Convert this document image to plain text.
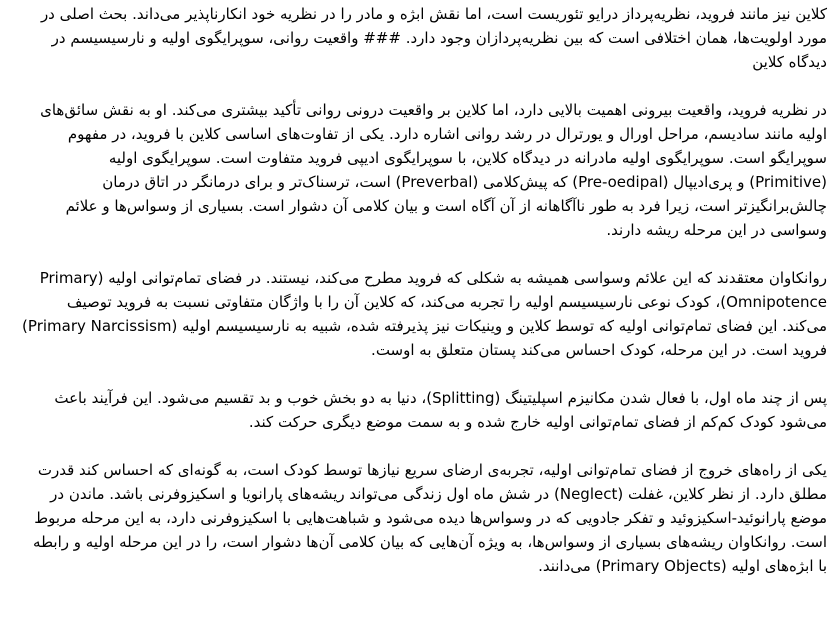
کلاین نیز مانند فروید، نظریه‌پرداز درایو تئوریست است، اما نقش ابژه و مادر را در نظریه خود انکارناپذیر می‌داند. بحث اصلی در
مورد اولویت‌ها، همان اختلافی است که بین نظریه‌پردازان وجود دارد. ### واقعیت روانی، سوپرایگوی اولیه و نارسیسیسم در
دیدگاه کلاین
در نظریه فروید، واقعیت بیرونی اهمیت بالایی دارد، اما کلاین بر واقعیت درونی روانی تأکید بیشتری می‌کند. او به نقش سائق‌های
اولیه مانند سادیسم، مراحل اورال و یورترال در رشد روانی اشاره دارد. یکی از تفاوت‌های اساسی کلاین با فروید، در مفهوم
سوپرایگو است. سوپرایگوی اولیه مادرانه در دیدگاه کلاین، با سوپرایگوی ادیپی فروید متفاوت است. سوپرایگوی اولیه
(Primitive) و پری‌ادیپال (Pre-oedipal) که پیش‌کلامی (Preverbal) است، ترسناک‌تر و برای درمانگر در اتاق درمان
چالش‌برانگیزتر است، زیرا فرد به طور ناآگاهانه از آن آگاه است و بیان کلامی آن دشوار است. بسیاری از وسواس‌ها و علائم
وسواسی در این مرحله ریشه دارند.
روانکاوان معتقدند که این علائم وسواسی همیشه به شکلی که فروید مطرح می‌کند، نیستند. در فضای تمام‌توانی اولیه (Primary
Omnipotence)، کودک نوعی نارسیسیسم اولیه را تجربه می‌کند، که کلاین آن را با واژگان متفاوتی نسبت به فروید توصیف
می‌کند. این فضای تمام‌توانی اولیه که توسط کلاین و وینیکات نیز پذیرفته شده، شبیه به نارسیسیسم اولیه (Primary Narcissism)
فروید است. در این مرحله، کودک احساس می‌کند پستان متعلق به اوست.
پس از چند ماه اول، با فعال شدن مکانیزم اسپلیتینگ (Splitting)، دنیا به دو بخش خوب و بد تقسیم می‌شود. این فرآیند باعث
می‌شود کودک کم‌کم از فضای تمام‌توانی اولیه خارج شده و به سمت موضع دیگری حرکت کند.
یکی از راه‌های خروج از فضای تمام‌توانی اولیه، تجربه‌ی ارضای سریع نیازها توسط کودک است، به گونه‌ای که احساس کند قدرت
مطلق دارد. از نظر کلاین، غفلت (Neglect) در شش ماه اول زندگی می‌تواند ریشه‌های پارانویا و اسکیزوفرنی باشد. ماندن در
موضع پارانوئید-اسکیزوئید و تفکر جادویی که در وسواس‌ها دیده می‌شود و شباهت‌هایی با اسکیزوفرنی دارد، به این مرحله مربوط
است. روانکاوان ریشه‌های بسیاری از وسواس‌ها، به ویژه آن‌هایی که بیان کلامی آن‌ها دشوار است، را در این مرحله اولیه و رابطه
با ابژه‌های اولیه (Primary Objects) می‌دانند.
